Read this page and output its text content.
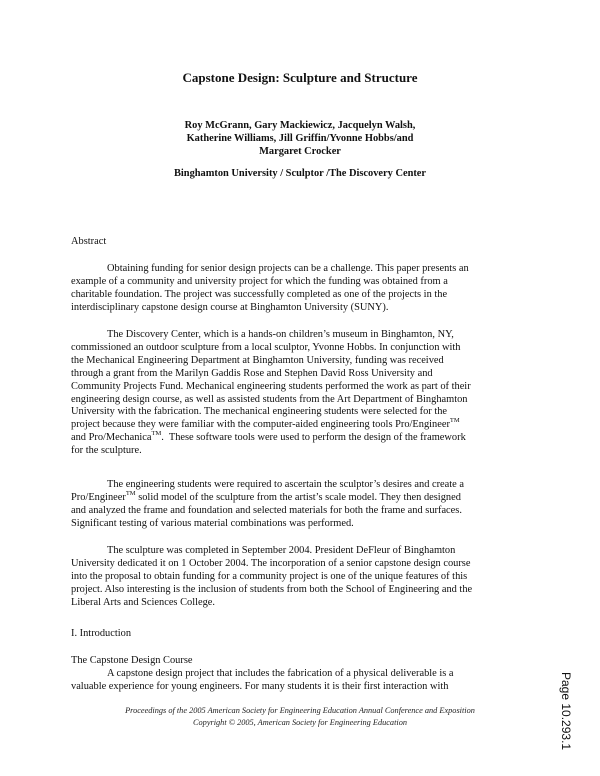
Capstone Design: Sculpture and Structure
Roy McGrann, Gary Mackiewicz, Jacquelyn Walsh,
Katherine Williams, Jill Griffin/Yvonne Hobbs/and
Margaret Crocker
Binghamton University / Sculptor /The Discovery Center
Abstract
Obtaining funding for senior design projects can be a challenge. This paper presents an
example of a community and university project for which the funding was obtained from a
charitable foundation. The project was successfully completed as one of the projects in the
interdisciplinary capstone design course at Binghamton University (SUNY).
The Discovery Center, which is a hands-on children’s museum in Binghamton, NY,
commissioned an outdoor sculpture from a local sculptor, Yvonne Hobbs. In conjunction with
the Mechanical Engineering Department at Binghamton University, funding was received
through a grant from the Marilyn Gaddis Rose and Stephen David Ross University and
Community Projects Fund. Mechanical engineering students performed the work as part of their
engineering design course, as well as assisted students from the Art Department of Binghamton
University with the fabrication. The mechanical engineering students were selected for the
project because they were familiar with the computer-aided engineering tools Pro/Engineer™
and Pro/Mechanica™.  These software tools were used to perform the design of the framework
for the sculpture.
The engineering students were required to ascertain the sculptor’s desires and create a
Pro/Engineer™ solid model of the sculpture from the artist’s scale model. They then designed
and analyzed the frame and foundation and selected materials for both the frame and surfaces.
Significant testing of various material combinations was performed.
The sculpture was completed in September 2004. President DeFleur of Binghamton
University dedicated it on 1 October 2004. The incorporation of a senior capstone design course
into the proposal to obtain funding for a community project is one of the unique features of this
project. Also interesting is the inclusion of students from both the School of Engineering and the
Liberal Arts and Sciences College.
I. Introduction
The Capstone Design Course
A capstone design project that includes the fabrication of a physical deliverable is a
valuable experience for young engineers. For many students it is their first interaction with
Proceedings of the 2005 American Society for Engineering Education Annual Conference and Exposition
Copyright © 2005, American Society for Engineering Education	Page 10.293.1
